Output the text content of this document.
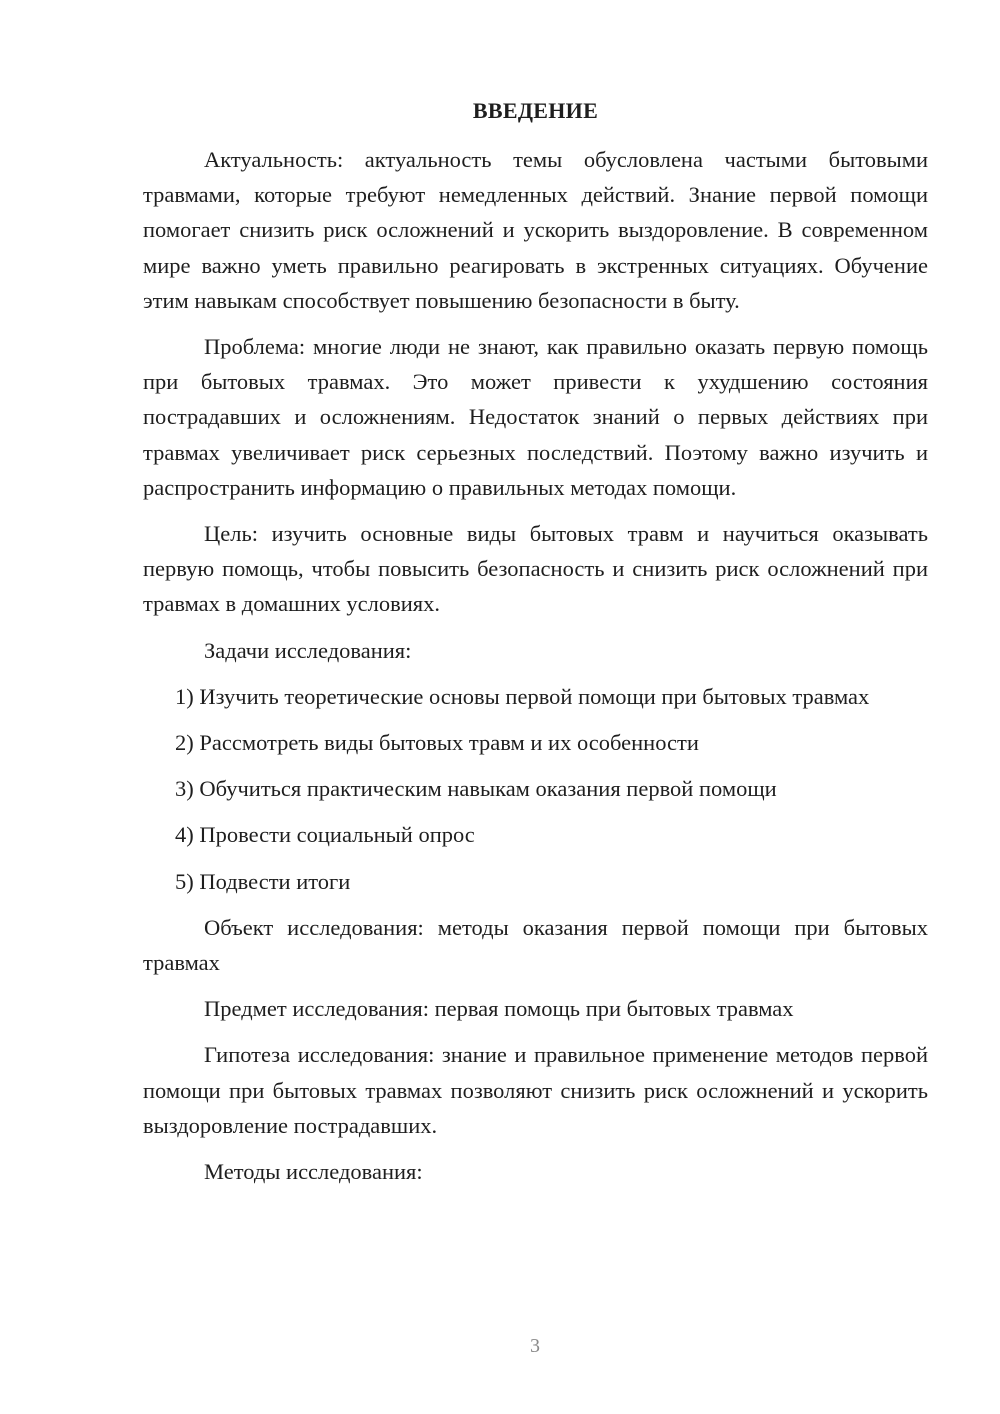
ВВЕДЕНИЕ

Актуальность: актуальность темы обусловлена частыми бытовыми травмами, которые требуют немедленных действий. Знание первой помощи помогает снизить риск осложнений и ускорить выздоровление. В современном мире важно уметь правильно реагировать в экстренных ситуациях. Обучение этим навыкам способствует повышению безопасности в быту.

Проблема: многие люди не знают, как правильно оказать первую помощь при бытовых травмах. Это может привести к ухудшению состояния пострадавших и осложнениям. Недостаток знаний о первых действиях при травмах увеличивает риск серьезных последствий. Поэтому важно изучить и распространить информацию о правильных методах помощи.

Цель: изучить основные виды бытовых травм и научиться оказывать первую помощь, чтобы повысить безопасность и снизить риск осложнений при травмах в домашних условиях.

Задачи исследования:

1) Изучить теоретические основы первой помощи при бытовых травмах

2) Рассмотреть виды бытовых травм и их особенности

3) Обучиться практическим навыкам оказания первой помощи

4) Провести социальный опрос

5) Подвести итоги

Объект исследования: методы оказания первой помощи при бытовых травмах

Предмет исследования: первая помощь при бытовых травмах

Гипотеза исследования: знание и правильное применение методов первой помощи при бытовых травмах позволяют снизить риск осложнений и ускорить выздоровление пострадавших.

Методы исследования:

3
